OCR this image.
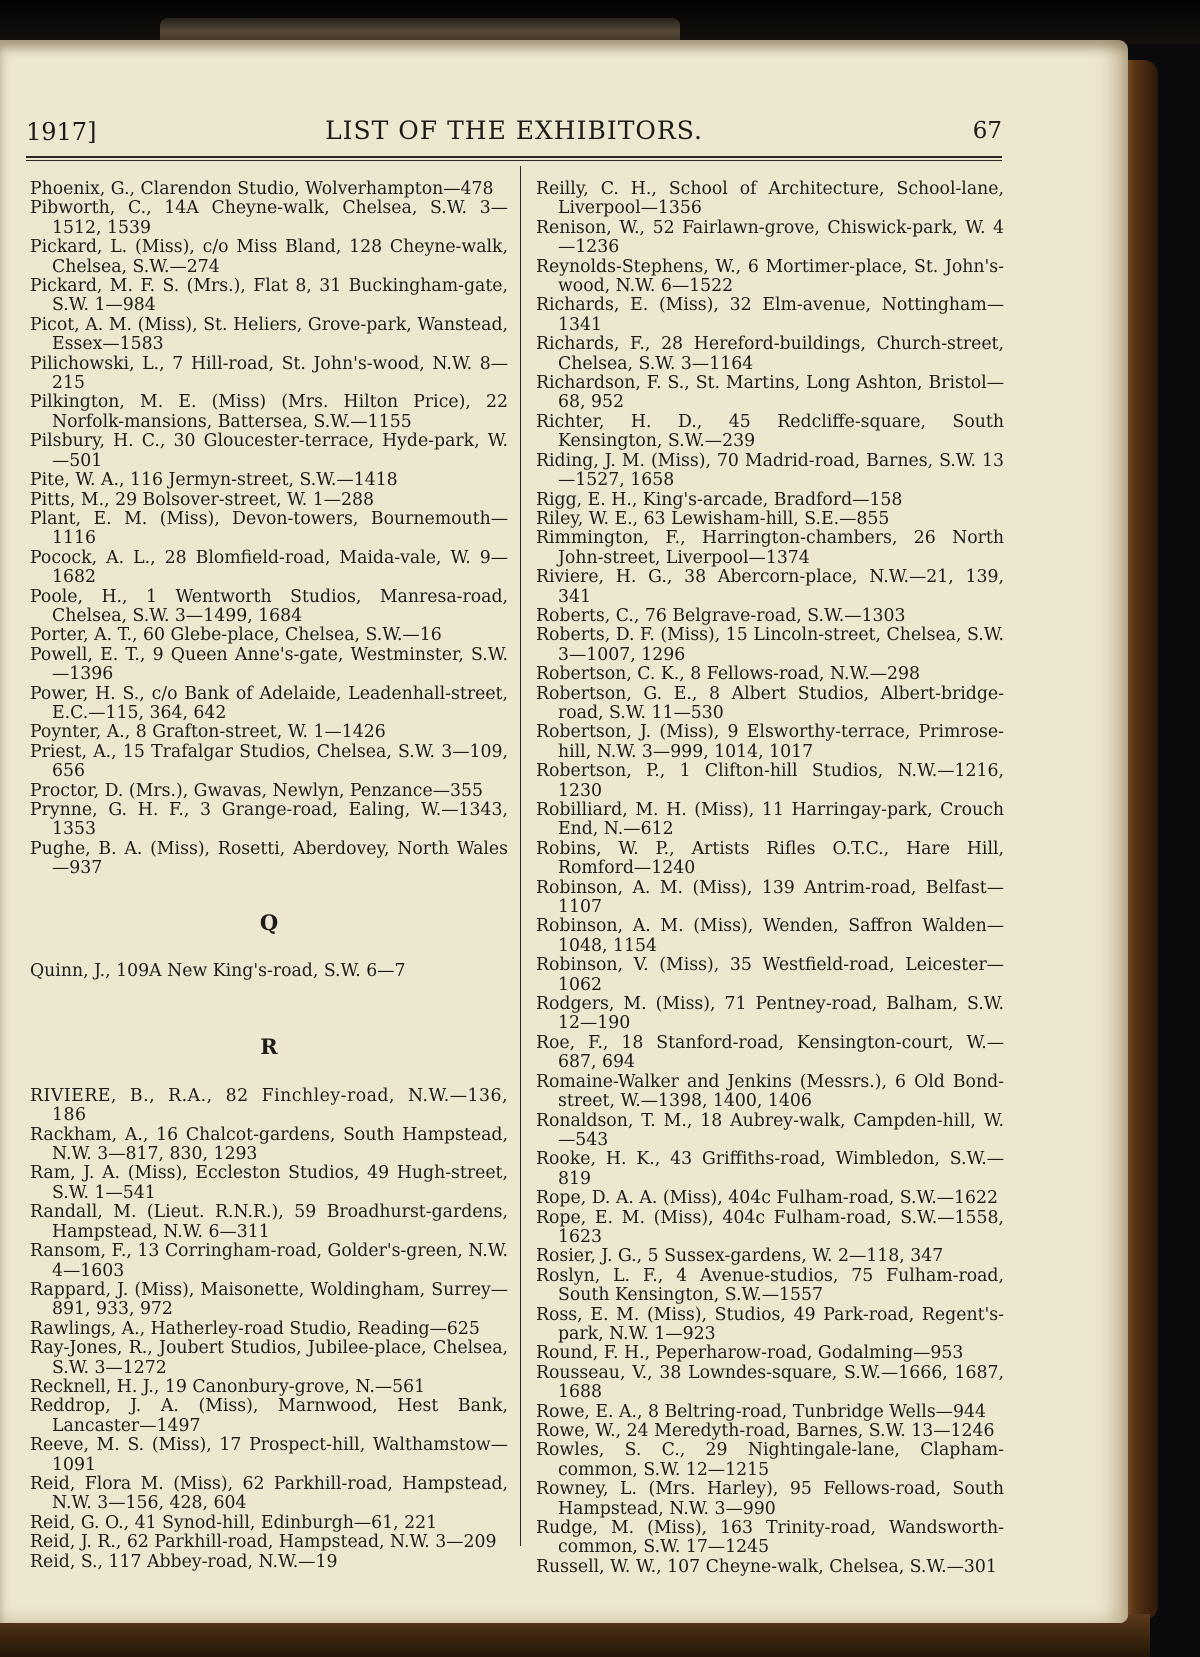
1917]	LIST OF THE EXHIBITORS.	67

Phoenix, G., Clarendon Studio, Wolverhampton—478

Pibworth, C., 14A Cheyne-walk, Chelsea, S.W. 3—1512, 1539

Pickard, L. (Miss), c/o Miss Bland, 128 Cheyne-walk, Chelsea, S.W.—274

Pickard, M. F. S. (Mrs.), Flat 8, 31 Buckingham-gate, S.W. 1—984

Picot, A. M. (Miss), St. Heliers, Grove-park, Wanstead, Essex—1583

Pilichowski, L., 7 Hill-road, St. John's-wood, N.W. 8—215

Pilkington, M. E. (Miss) (Mrs. Hilton Price), 22 Norfolk-mansions, Battersea, S.W.—1155

Pilsbury, H. C., 30 Gloucester-terrace, Hyde-park, W.—501

Pite, W. A., 116 Jermyn-street, S.W.—1418

Pitts, M., 29 Bolsover-street, W. 1—288

Plant, E. M. (Miss), Devon-towers, Bournemouth—1116

Pocock, A. L., 28 Blomfield-road, Maida-vale, W. 9—1682

Poole, H., 1 Wentworth Studios, Manresa-road, Chelsea, S.W. 3—1499, 1684

Porter, A. T., 60 Glebe-place, Chelsea, S.W.—16

Powell, E. T., 9 Queen Anne's-gate, Westminster, S.W.—1396

Power, H. S., c/o Bank of Adelaide, Leadenhall-street, E.C.—115, 364, 642

Poynter, A., 8 Grafton-street, W. 1—1426

Priest, A., 15 Trafalgar Studios, Chelsea, S.W. 3—109, 656

Proctor, D. (Mrs.), Gwavas, Newlyn, Penzance—355

Prynne, G. H. F., 3 Grange-road, Ealing, W.—1343, 1353

Pughe, B. A. (Miss), Rosetti, Aberdovey, North Wales—937

Q

Quinn, J., 109A New King's-road, S.W. 6—7

R

RIVIERE, B., R.A., 82 Finchley-road, N.W.—136, 186

Rackham, A., 16 Chalcot-gardens, South Hampstead, N.W. 3—817, 830, 1293

Ram, J. A. (Miss), Eccleston Studios, 49 Hugh-street, S.W. 1—541

Randall, M. (Lieut. R.N.R.), 59 Broadhurst-gardens, Hampstead, N.W. 6—311

Ransom, F., 13 Corringham-road, Golder's-green, N.W. 4—1603

Rappard, J. (Miss), Maisonette, Woldingham, Surrey—891, 933, 972

Rawlings, A., Hatherley-road Studio, Reading—625

Ray-Jones, R., Joubert Studios, Jubilee-place, Chelsea, S.W. 3—1272

Recknell, H. J., 19 Canonbury-grove, N.—561

Reddrop, J. A. (Miss), Marnwood, Hest Bank, Lancaster—1497

Reeve, M. S. (Miss), 17 Prospect-hill, Walthamstow—1091

Reid, Flora M. (Miss), 62 Parkhill-road, Hampstead, N.W. 3—156, 428, 604

Reid, G. O., 41 Synod-hill, Edinburgh—61, 221

Reid, J. R., 62 Parkhill-road, Hampstead, N.W. 3—209

Reid, S., 117 Abbey-road, N.W.—19

Reilly, C. H., School of Architecture, School-lane, Liverpool—1356

Renison, W., 52 Fairlawn-grove, Chiswick-park, W. 4—1236

Reynolds-Stephens, W., 6 Mortimer-place, St. John's-wood, N.W. 6—1522

Richards, E. (Miss), 32 Elm-avenue, Nottingham—1341

Richards, F., 28 Hereford-buildings, Church-street, Chelsea, S.W. 3—1164

Richardson, F. S., St. Martins, Long Ashton, Bristol—68, 952

Richter, H. D., 45 Redcliffe-square, South Kensington, S.W.—239

Riding, J. M. (Miss), 70 Madrid-road, Barnes, S.W. 13—1527, 1658

Rigg, E. H., King's-arcade, Bradford—158

Riley, W. E., 63 Lewisham-hill, S.E.—855

Rimmington, F., Harrington-chambers, 26 North John-street, Liverpool—1374

Riviere, H. G., 38 Abercorn-place, N.W.—21, 139, 341

Roberts, C., 76 Belgrave-road, S.W.—1303

Roberts, D. F. (Miss), 15 Lincoln-street, Chelsea, S.W. 3—1007, 1296

Robertson, C. K., 8 Fellows-road, N.W.—298

Robertson, G. E., 8 Albert Studios, Albert-bridge-road, S.W. 11—530

Robertson, J. (Miss), 9 Elsworthy-terrace, Primrose-hill, N.W. 3—999, 1014, 1017

Robertson, P., 1 Clifton-hill Studios, N.W.—1216, 1230

Robilliard, M. H. (Miss), 11 Harringay-park, Crouch End, N.—612

Robins, W. P., Artists Rifles O.T.C., Hare Hill, Romford—1240

Robinson, A. M. (Miss), 139 Antrim-road, Belfast—1107

Robinson, A. M. (Miss), Wenden, Saffron Walden—1048, 1154

Robinson, V. (Miss), 35 Westfield-road, Leicester—1062

Rodgers, M. (Miss), 71 Pentney-road, Balham, S.W. 12—190

Roe, F., 18 Stanford-road, Kensington-court, W.—687, 694

Romaine-Walker and Jenkins (Messrs.), 6 Old Bond-street, W.—1398, 1400, 1406

Ronaldson, T. M., 18 Aubrey-walk, Campden-hill, W.—543

Rooke, H. K., 43 Griffiths-road, Wimbledon, S.W.—819

Rope, D. A. A. (Miss), 404c Fulham-road, S.W.—1622

Rope, E. M. (Miss), 404c Fulham-road, S.W.—1558, 1623

Rosier, J. G., 5 Sussex-gardens, W. 2—118, 347

Roslyn, L. F., 4 Avenue-studios, 75 Fulham-road, South Kensington, S.W.—1557

Ross, E. M. (Miss), Studios, 49 Park-road, Regent's-park, N.W. 1—923

Round, F. H., Peperharow-road, Godalming—953

Rousseau, V., 38 Lowndes-square, S.W.—1666, 1687, 1688

Rowe, E. A., 8 Beltring-road, Tunbridge Wells—944

Rowe, W., 24 Meredyth-road, Barnes, S.W. 13—1246

Rowles, S. C., 29 Nightingale-lane, Clapham-common, S.W. 12—1215

Rowney, L. (Mrs. Harley), 95 Fellows-road, South Hampstead, N.W. 3—990

Rudge, M. (Miss), 163 Trinity-road, Wandsworth-common, S.W. 17—1245

Russell, W. W., 107 Cheyne-walk, Chelsea, S.W.—301
